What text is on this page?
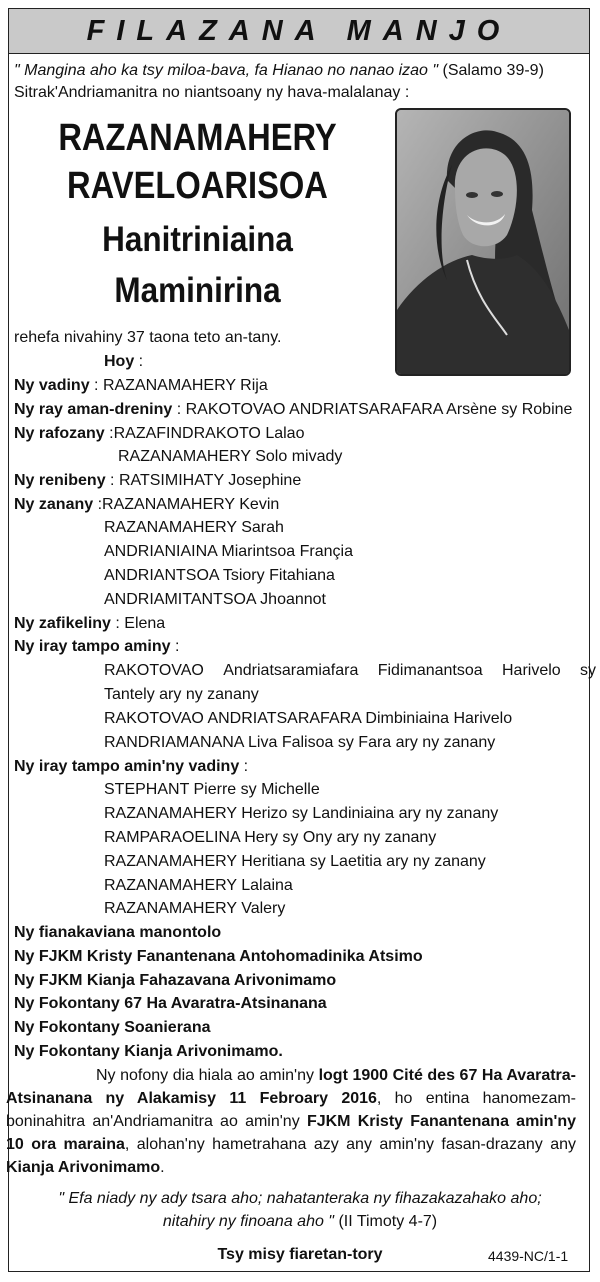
FILAZANA MANJO
" Mangina aho ka tsy miloa-bava, fa Hianao no nanao izao " (Salamo 39-9)
Sitrak'Andriamanitra no niantsoany ny hava-malalanay :
RAZANAMAHERY
RAVELOARISOA
Hanitriniaina
Maminirina
rehefa nivahiny 37 taona teto an-tany.
Hoy :
Ny vadiny : RAZANAMAHERY Rija
Ny ray aman-dreniny : RAKOTOVAO ANDRIATSARAFARA Arsène sy Robine
Ny rafozany :RAZAFINDRAKOTO Lalao
RAZANAMAHERY Solo mivady
Ny renibeny : RATSIMIHATY Josephine
Ny zanany :RAZANAMAHERY Kevin
RAZANAMAHERY Sarah
ANDRIANIAINA Miarintsoa Françia
ANDRIANTSOA Tsiory Fitahiana
ANDRIAMITANTSOA Jhoannot
Ny zafikeliny : Elena
Ny iray tampo aminy :
RAKOTOVAO Andriatsaramiafara Fidimanantsoa Harivelo sy
Tantely ary ny zanany
RAKOTOVAO ANDRIATSARAFARA Dimbiniaina Harivelo
RANDRIAMANANA Liva Falisoa sy Fara ary ny zanany
Ny iray tampo amin'ny vadiny :
STEPHANT Pierre sy Michelle
RAZANAMAHERY Herizo sy Landiniaina ary ny zanany
RAMPARAOELINA Hery sy Ony ary ny zanany
RAZANAMAHERY Heritiana sy Laetitia ary ny zanany
RAZANAMAHERY Lalaina
RAZANAMAHERY Valery
Ny fianakaviana manontolo
Ny FJKM Kristy Fanantenana Antohomadinika Atsimo
Ny FJKM Kianja Fahazavana Arivonimamo
Ny Fokontany 67 Ha Avaratra-Atsinanana
Ny Fokontany Soanierana
Ny Fokontany Kianja Arivonimamo.
Ny nofony dia hiala ao amin'ny logt 1900 Cité des 67 Ha Avaratra-Atsinanana ny Alakamisy 11 Febroary 2016, ho entina hanomezam-boninahitra an'Andriamanitra ao amin'ny FJKM Kristy Fanantenana amin'ny 10 ora maraina, alohan'ny hametrahana azy any amin'ny fasan-drazany any Kianja Arivonimamo.
" Efa niady ny ady tsara aho; nahatanteraka ny fihazakazahako aho;
nitahiry ny finoana aho " (II Timoty 4-7)
Tsy misy fiaretan-tory	4439-NC/1-1
